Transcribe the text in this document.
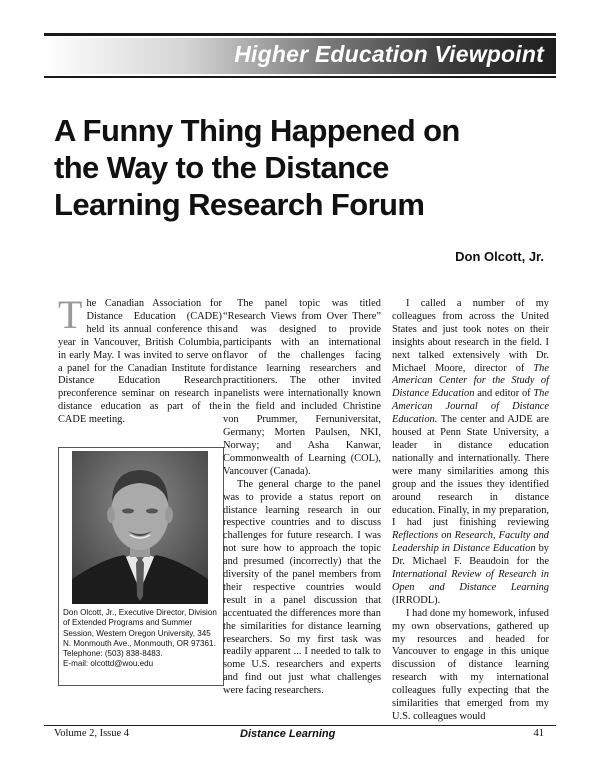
Higher Education Viewpoint
A Funny Thing Happened on
the Way to the Distance
Learning Research Forum
Don Olcott, Jr.

The Canadian Association for Distance Education (CADE) held its annual conference this year in Vancouver, British Columbia, in early May. I was invited to serve on a panel for the Canadian Institute for Distance Education Research preconference seminar on research in distance education as part of the CADE meeting.

Don Olcott, Jr., Executive Director, Division of Extended Programs and Summer Session, Western Oregon University, 345 N. Monmouth Ave., Monmouth, OR 97361. Telephone: (503) 838-8483.
E-mail: olcottd@wou.edu

The panel topic was titled “Research Views from Over There” and was designed to provide participants with an international flavor of the challenges facing distance learning researchers and practitioners. The other invited panelists were internationally known in the field and included Christine von Prummer, Fernuniversitat, Germany; Morten Paulsen, NKI, Norway; and Asha Kanwar, Commonwealth of Learning (COL), Vancouver (Canada).

The general charge to the panel was to provide a status report on distance learning research in our respective countries and to discuss challenges for future research. I was not sure how to approach the topic and presumed (incorrectly) that the diversity of the panel members from their respective countries would result in a panel discussion that accentuated the differences more than the similarities for distance learning researchers. So my first task was readily apparent ... I needed to talk to some U.S. researchers and experts and find out just what challenges were facing researchers.

I called a number of my colleagues from across the United States and just took notes on their insights about research in the field. I next talked extensively with Dr. Michael Moore, director of The American Center for the Study of Distance Education and editor of The American Journal of Distance Education. The center and AJDE are housed at Penn State University, a leader in distance education nationally and internationally. There were many similarities among this group and the issues they identified around research in distance education. Finally, in my preparation, I had just finishing reviewing Reflections on Research, Faculty and Leadership in Distance Education by Dr. Michael F. Beaudoin for the International Review of Research in Open and Distance Learning (IRRODL).

I had done my homework, infused my own observations, gathered up my resources and headed for Vancouver to engage in this unique discussion of distance learning research with my international colleagues fully expecting that the similarities that emerged from my U.S. colleagues would

Volume 2, Issue 4	Distance Learning	41
